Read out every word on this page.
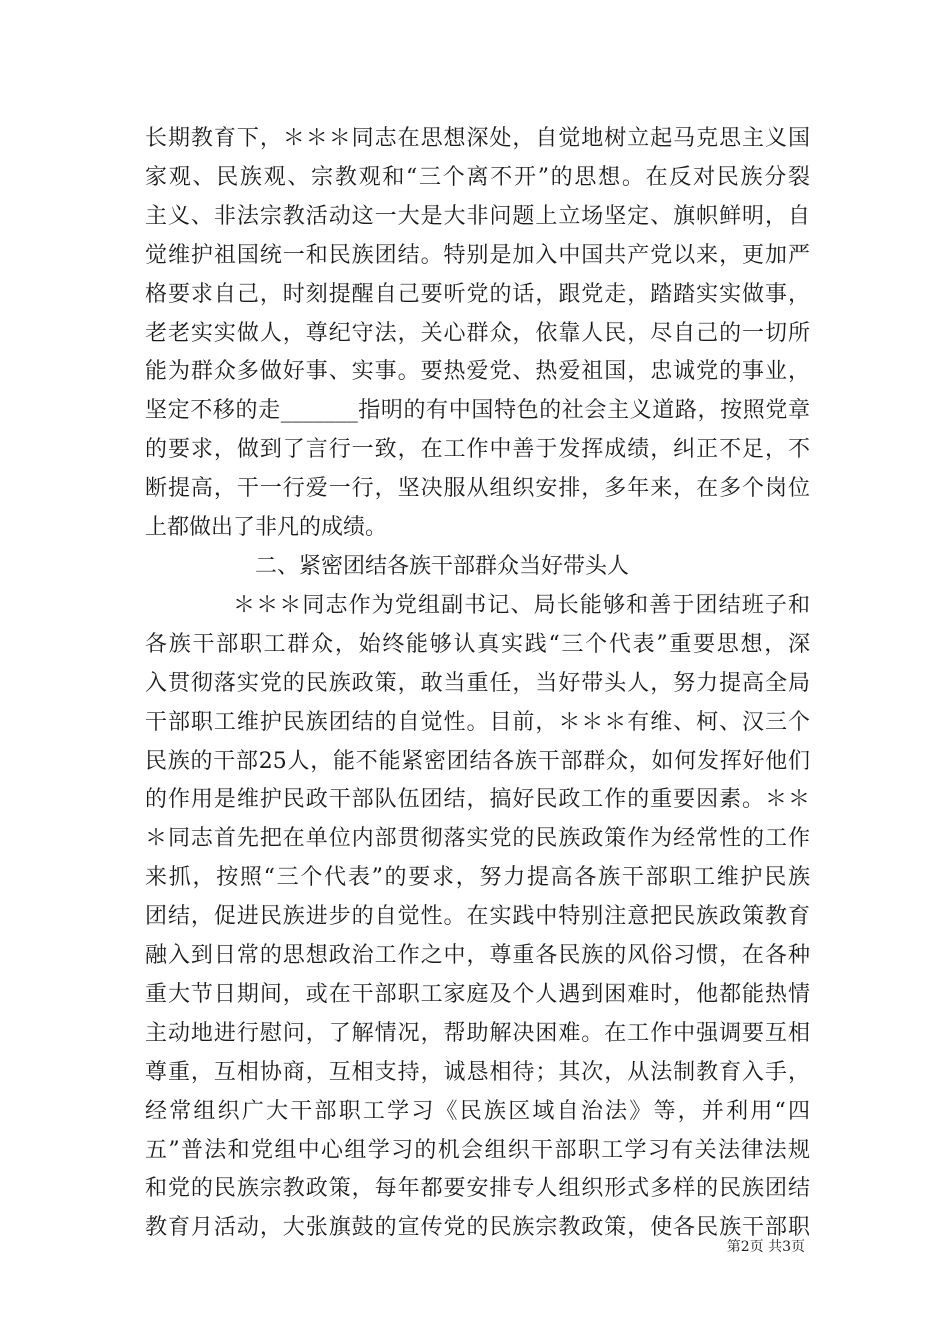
长期教育下，＊＊＊同志在思想深处，自觉地树立起马克思主义国
家观、民族观、宗教观和“三个离不开”的思想。在反对民族分裂
主义、非法宗教活动这一大是大非问题上立场坚定、旗帜鲜明，自
觉维护祖国统一和民族团结。特别是加入中国共产党以来，更加严
格要求自己，时刻提醒自己要听党的话，跟党走，踏踏实实做事，
老老实实做人，尊纪守法，关心群众，依靠人民，尽自己的一切所
能为群众多做好事、实事。要热爱党、热爱祖国，忠诚党的事业，
坚定不移的走_______指明的有中国特色的社会主义道路，按照党章
的要求，做到了言行一致，在工作中善于发挥成绩，纠正不足，不
断提高，干一行爱一行，坚决服从组织安排，多年来，在多个岗位
上都做出了非凡的成绩。

二、紧密团结各族干部群众当好带头人

＊＊＊同志作为党组副书记、局长能够和善于团结班子和
各族干部职工群众，始终能够认真实践“三个代表”重要思想，深
入贯彻落实党的民族政策，敢当重任，当好带头人，努力提高全局
干部职工维护民族团结的自觉性。目前，＊＊＊有维、柯、汉三个
民族的干部25人，能不能紧密团结各族干部群众，如何发挥好他们
的作用是维护民政干部队伍团结，搞好民政工作的重要因素。＊＊
＊同志首先把在单位内部贯彻落实党的民族政策作为经常性的工作
来抓，按照“三个代表”的要求，努力提高各族干部职工维护民族
团结，促进民族进步的自觉性。在实践中特别注意把民族政策教育
融入到日常的思想政治工作之中，尊重各民族的风俗习惯，在各种
重大节日期间，或在干部职工家庭及个人遇到困难时，他都能热情
主动地进行慰问，了解情况，帮助解决困难。在工作中强调要互相
尊重，互相协商，互相支持，诚恳相待；其次，从法制教育入手，
经常组织广大干部职工学习《民族区域自治法》等，并利用“四
五”普法和党组中心组学习的机会组织干部职工学习有关法律法规
和党的民族宗教政策，每年都要安排专人组织形式多样的民族团结
教育月活动，大张旗鼓的宣传党的民族宗教政策，使各民族干部职

第2页 共3页
